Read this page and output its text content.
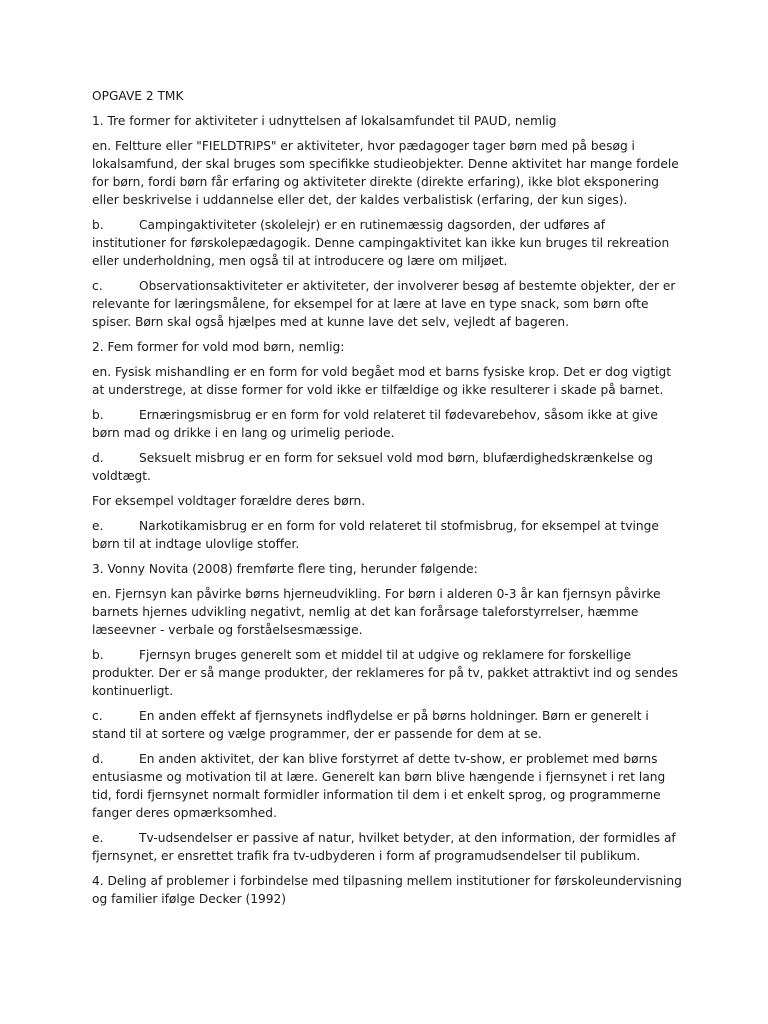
OPGAVE 2 TMK

1. Tre former for aktiviteter i udnyttelsen af lokalsamfundet til PAUD, nemlig

en. Feltture eller "FIELDTRIPS" er aktiviteter, hvor pædagoger tager børn med på besøg i lokalsamfund, der skal bruges som specifikke studieobjekter. Denne aktivitet har mange fordele for børn, fordi børn får erfaring og aktiviteter direkte (direkte erfaring), ikke blot eksponering eller beskrivelse i uddannelse eller det, der kaldes verbalistisk (erfaring, der kun siges).

b.	Campingaktiviteter (skolelejr) er en rutinemæssig dagsorden, der udføres af institutioner for førskolepædagogik. Denne campingaktivitet kan ikke kun bruges til rekreation eller underholdning, men også til at introducere og lære om miljøet.

c.	Observationsaktiviteter er aktiviteter, der involverer besøg af bestemte objekter, der er relevante for læringsmålene, for eksempel for at lære at lave en type snack, som børn ofte spiser. Børn skal også hjælpes med at kunne lave det selv, vejledt af bageren.

2. Fem former for vold mod børn, nemlig:

en. Fysisk mishandling er en form for vold begået mod et barns fysiske krop. Det er dog vigtigt at understrege, at disse former for vold ikke er tilfældige og ikke resulterer i skade på barnet.

b.	Ernæringsmisbrug er en form for vold relateret til fødevarebehov, såsom ikke at give børn mad og drikke i en lang og urimelig periode.

d.	Seksuelt misbrug er en form for seksuel vold mod børn, blufærdighedskrænkelse og voldtægt.

For eksempel voldtager forældre deres børn.

e.	Narkotikamisbrug er en form for vold relateret til stofmisbrug, for eksempel at tvinge børn til at indtage ulovlige stoffer.

3. Vonny Novita (2008) fremførte flere ting, herunder følgende:

en. Fjernsyn kan påvirke børns hjerneudvikling. For børn i alderen 0-3 år kan fjernsyn påvirke barnets hjernes udvikling negativt, nemlig at det kan forårsage taleforstyrrelser, hæmme læseevner - verbale og forståelsesmæssige.

b.	Fjernsyn bruges generelt som et middel til at udgive og reklamere for forskellige produkter. Der er så mange produkter, der reklameres for på tv, pakket attraktivt ind og sendes kontinuerligt.

c.	En anden effekt af fjernsynets indflydelse er på børns holdninger. Børn er generelt i stand til at sortere og vælge programmer, der er passende for dem at se.

d.	En anden aktivitet, der kan blive forstyrret af dette tv-show, er problemet med børns entusiasme og motivation til at lære. Generelt kan børn blive hængende i fjernsynet i ret lang tid, fordi fjernsynet normalt formidler information til dem i et enkelt sprog, og programmerne fanger deres opmærksomhed.

e.	Tv-udsendelser er passive af natur, hvilket betyder, at den information, der formidles af fjernsynet, er ensrettet trafik fra tv-udbyderen i form af programudsendelser til publikum.

4. Deling af problemer i forbindelse med tilpasning mellem institutioner for førskoleundervisning og familier ifølge Decker (1992)
